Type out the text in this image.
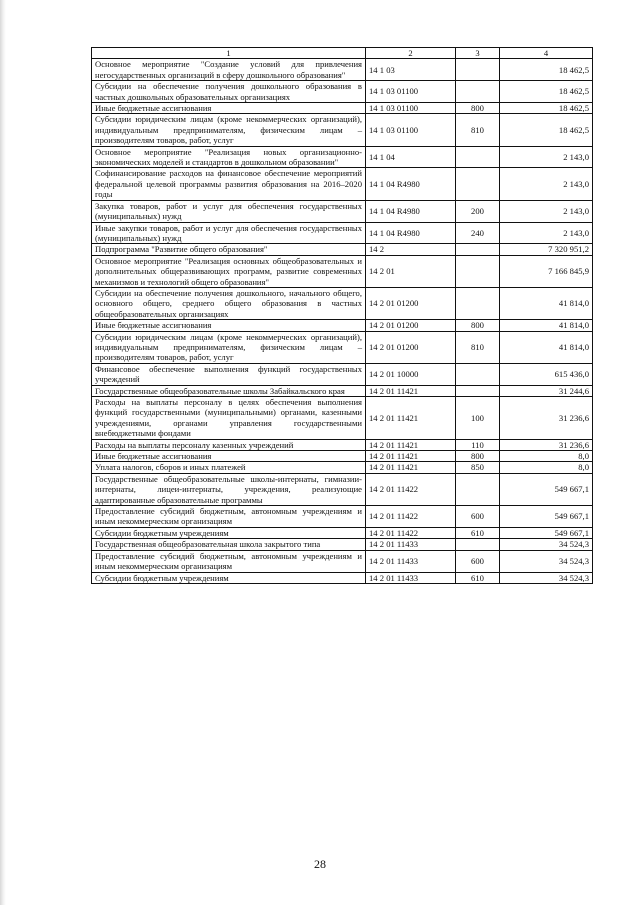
1	2	3	4
Основное мероприятие "Создание условий для привлечения негосударственных организаций в сферу дошкольного образования"	14 1 03		18 462,5
Субсидии на обеспечение получения дошкольного образования в частных дошкольных образовательных организациях	14 1 03 01100		18 462,5
Иные бюджетные ассигнования	14 1 03 01100	800	18 462,5
Субсидии юридическим лицам (кроме некоммерческих организаций), индивидуальным предпринимателям, физическим лицам – производителям товаров, работ, услуг	14 1 03 01100	810	18 462,5
Основное мероприятие "Реализация новых организационно-экономических моделей и стандартов в дошкольном образовании"	14 1 04		2 143,0
Софинансирование расходов на финансовое обеспечение мероприятий федеральной целевой программы развития образования на 2016–2020 годы	14 1 04 R4980		2 143,0
Закупка товаров, работ и услуг для обеспечения государственных (муниципальных) нужд	14 1 04 R4980	200	2 143,0
Иные закупки товаров, работ и услуг для обеспечения государственных (муниципальных) нужд	14 1 04 R4980	240	2 143,0
Подпрограмма "Развитие общего образования"	14 2		7 320 951,2
Основное мероприятие "Реализация основных общеобразовательных и дополнительных общеразвивающих программ, развитие современных механизмов и технологий общего образования"	14 2 01		7 166 845,9
Субсидии на обеспечение получения дошкольного, начального общего, основного общего, среднего общего образования в частных общеобразовательных организациях	14 2 01 01200		41 814,0
Иные бюджетные ассигнования	14 2 01 01200	800	41 814,0
Субсидии юридическим лицам (кроме некоммерческих организаций), индивидуальным предпринимателям, физическим лицам – производителям товаров, работ, услуг	14 2 01 01200	810	41 814,0
Финансовое обеспечение выполнения функций государственных учреждений	14 2 01 10000		615 436,0
Государственные общеобразовательные школы Забайкальского края	14 2 01 11421		31 244,6
Расходы на выплаты персоналу в целях обеспечения выполнения функций государственными (муниципальными) органами, казенными учреждениями, органами управления государственными внебюджетными фондами	14 2 01 11421	100	31 236,6
Расходы на выплаты персоналу казенных учреждений	14 2 01 11421	110	31 236,6
Иные бюджетные ассигнования	14 2 01 11421	800	8,0
Уплата налогов, сборов и иных платежей	14 2 01 11421	850	8,0
Государственные общеобразовательные школы-интернаты, гимназии-интернаты, лицеи-интернаты, учреждения, реализующие адаптированные образовательные программы	14 2 01 11422		549 667,1
Предоставление субсидий бюджетным, автономным учреждениям и иным некоммерческим организациям	14 2 01 11422	600	549 667,1
Субсидии бюджетным учреждениям	14 2 01 11422	610	549 667,1
Государственная общеобразовательная школа закрытого типа	14 2 01 11433		34 524,3
Предоставление субсидий бюджетным, автономным учреждениям и иным некоммерческим организациям	14 2 01 11433	600	34 524,3
Субсидии бюджетным учреждениям	14 2 01 11433	610	34 524,3
28
